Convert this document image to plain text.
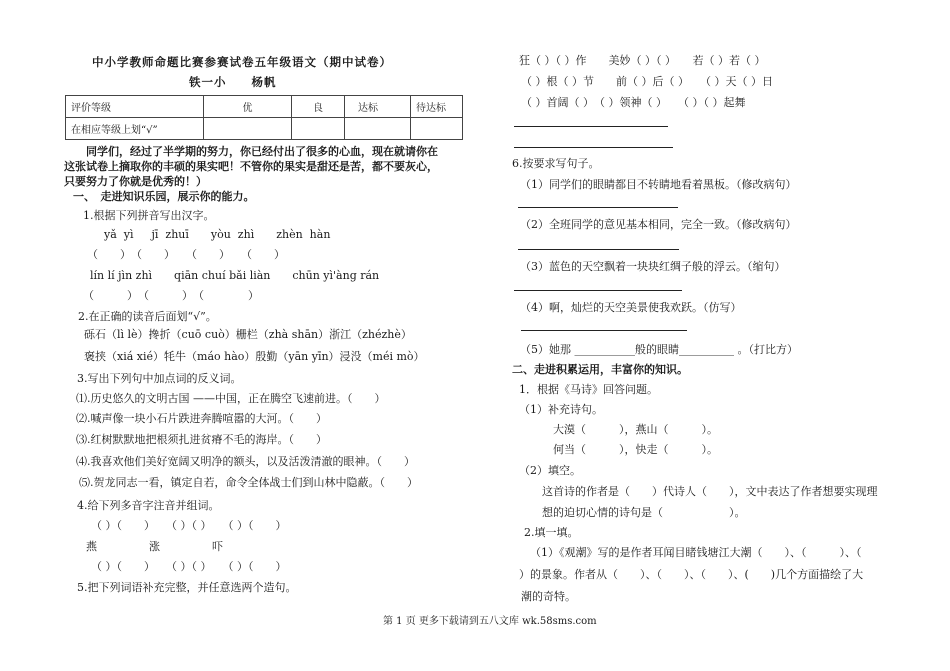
中小学教师命题比赛参赛试卷五年级语文（期中试卷）
铁一小　　杨帆
评价等级	优	良	达标	待达标
在相应等级上划“√”				
　　同学们，经过了半学期的努力，你已经付出了很多的心血，现在就请你在
这张试卷上摘取你的丰硕的果实吧！不管你的果实是甜还是苦，都不要灰心，
只要努力了你就是优秀的！）
一、　走进知识乐园，展示你的能力。
1.根据下列拼音写出汉字。
yǎ  yì　  jī  zhuī　　yòu  zhì　　zhèn  hàn
（　　）　（　　）　　（　　）　　（　　）
lín lí jìn zhì　　qiān chuí bǎi liàn　　chūn yì'àng rán
（　　　）　（　　　）　（　　　　）
2.在正确的读音后面划“√”。
砾石（lì lè）搀折（cuō cuò）栅栏（zhà shān）浙江（zhézhè）
褒挟（xiá xié）牦牛（máo hào）殷勤（yān yīn）浸没（méi mò）
3.写出下列句中加点词的反义词。
⑴.历史悠久的文明古国 ——中国，正在腾空飞速前进。（　　）
⑵.喊声像一块小石片跌进奔腾喧嚣的大河。（　　）
⑶.红树默默地把根须扎进贫瘠不毛的海岸。（　　）
⑷.我喜欢他们美好宽阔又明净的额头，以及活泼清澈的眼神。（　　）
⑸.贺龙同志一看，镇定自若，命令全体战士们到山林中隐蔽。（　　）
4.给下列多音字注音并组词。
（ ）（　　）　　（ ）（ ）　　（ ）（　　）
燕	涨	吓
（ ）（　　）　　（ ）（ ）　　（ ）（　　）
5.把下列词语补充完整，并任意选两个造句。
狂（ ）（ ）作　　美妙（ ）（ ）　　若（ ）若（ ）
（ ）根（ ）节　　前（ ）后（ ）　　（ ）天（ ）日
（ ）首阔（ ）　（ ）领神（ ）　　（ ）（ ）起舞
6.按要求写句子。
（1）同学们的眼睛都目不转睛地看着黑板。（修改病句）
（2）全班同学的意见基本相同，完全一致。（修改病句）
（3）蓝色的天空飘着一块块红绸子般的浮云。（缩句）
（4）啊，灿烂的天空美景使我欢跃。（仿写）
（5）她那 ___________般的眼睛__________ 。（打比方）
二、走进积累运用，丰富你的知识。
1．根据《马诗》回答问题。
（1）补充诗句。
大漠（　　　），燕山（　　　）。
何当（　　　），快走（　　　）。
（2）填空。
这首诗的作者是（　　）代诗人（　　），文中表达了作者想要实现理
想的迫切心情的诗句是（　　　　　　）。
2.填一填。
（1）《观潮》写的是作者耳闻目睹钱塘江大潮（　　）、（　　　）、（
）的景象。作者从（　　）、（　　）、（　　）、(　　)几个方面描绘了大
潮的奇特。
第 1 页 更多下载请到五八文库 wk.58sms.com
